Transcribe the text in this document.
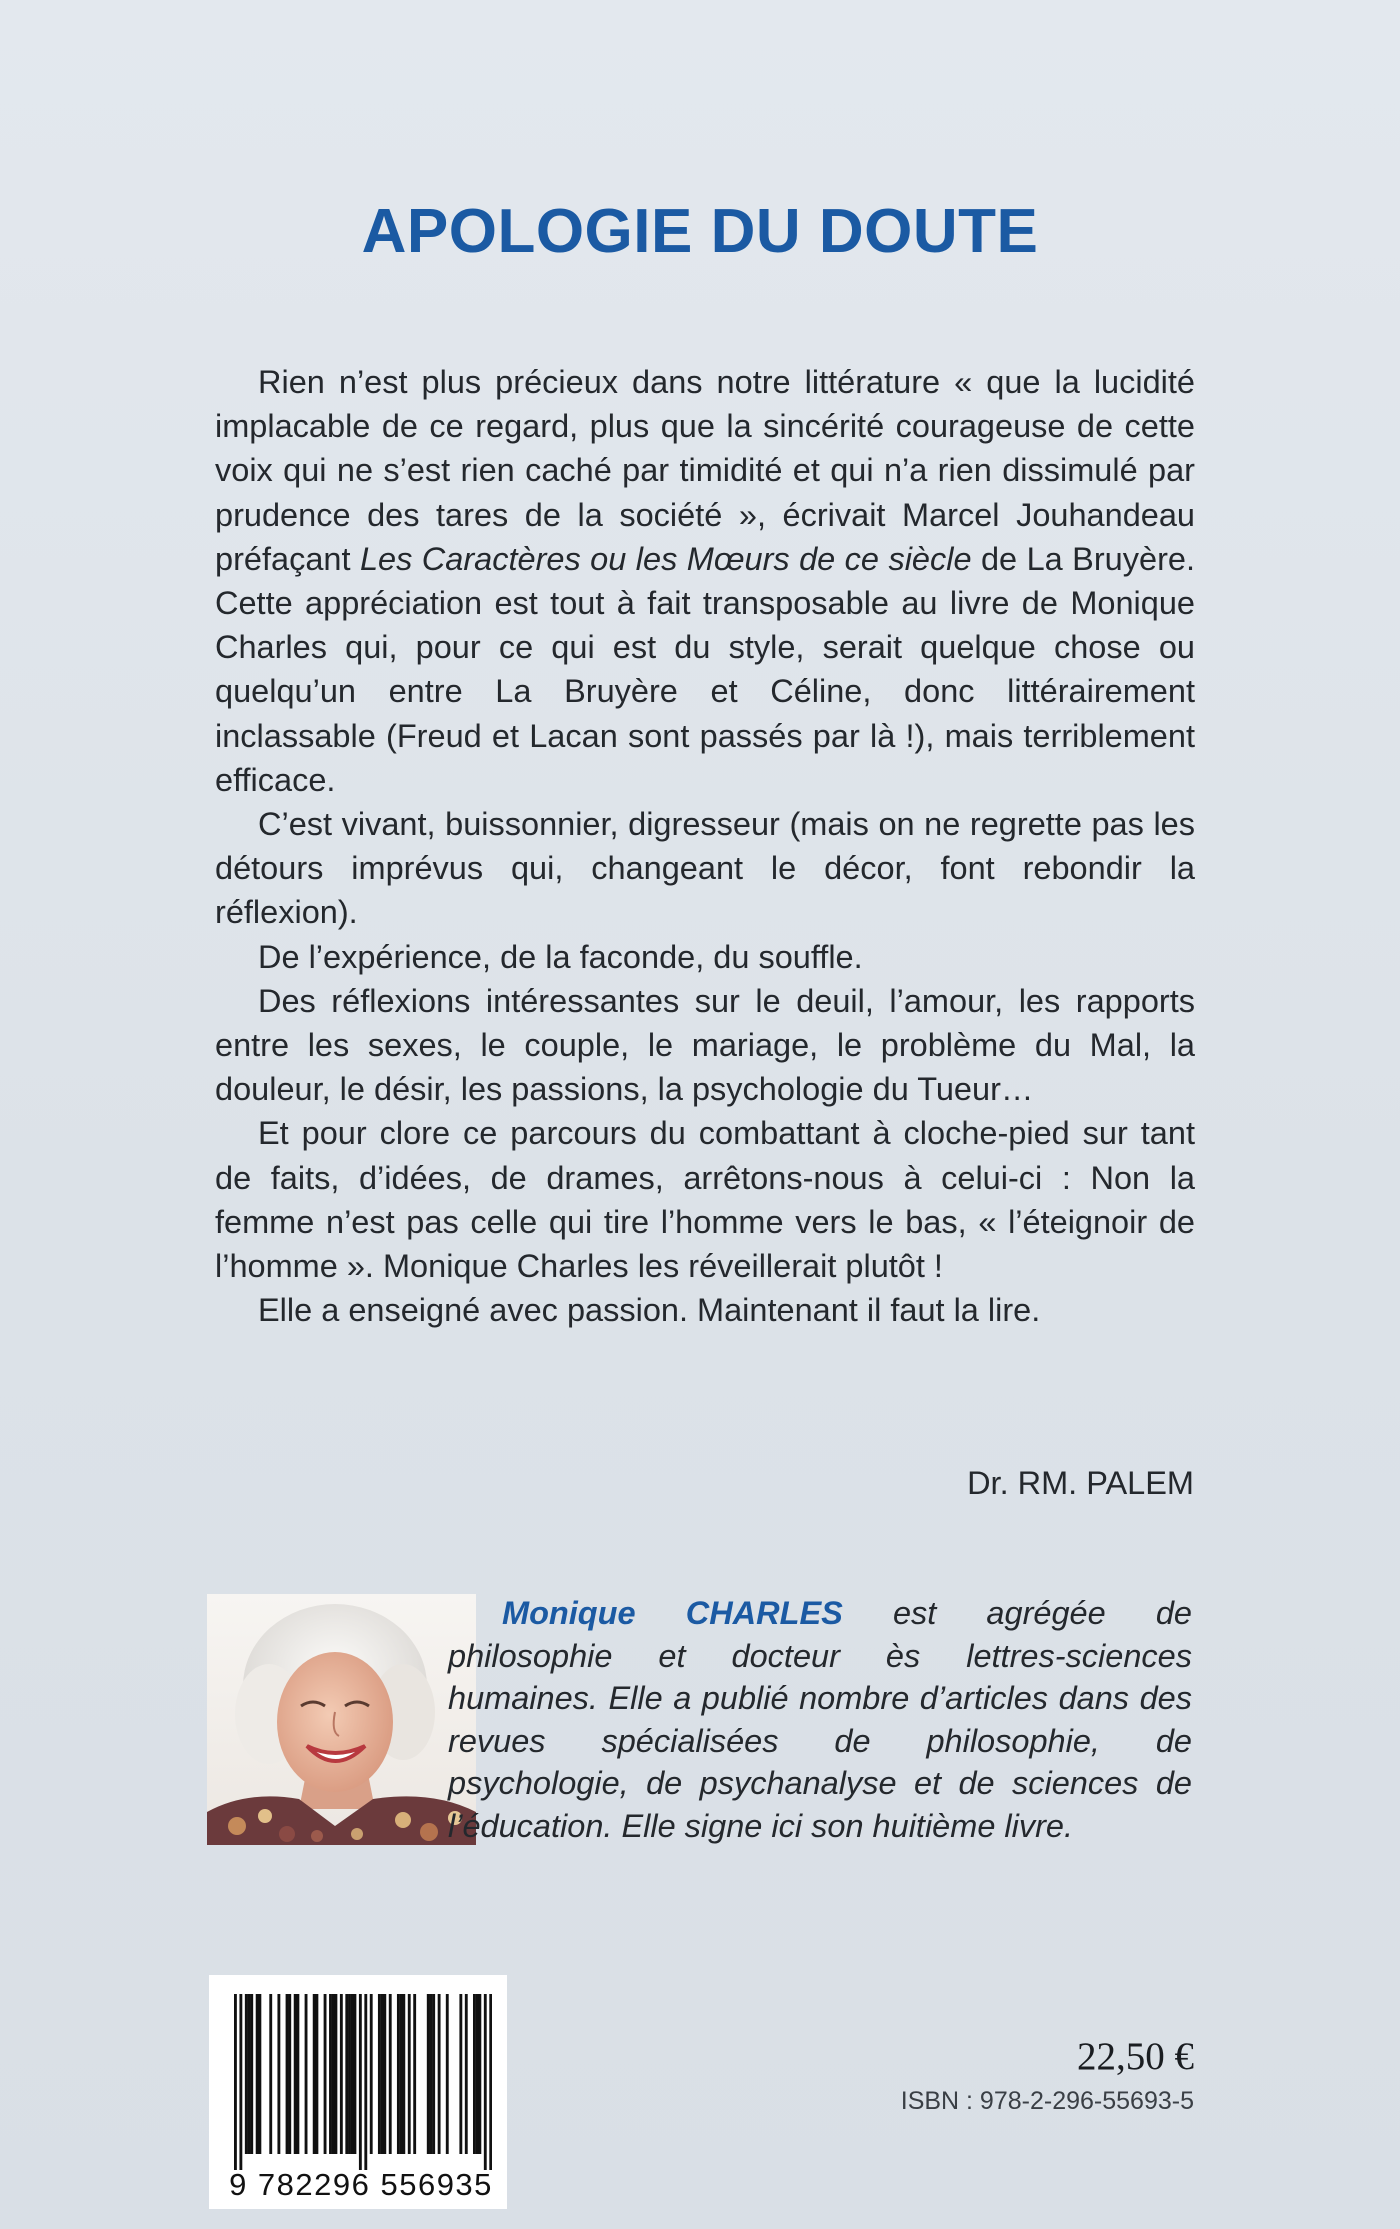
APOLOGIE DU DOUTE

Rien n’est plus précieux dans notre littérature « que la lucidité implacable de ce regard, plus que la sincérité courageuse de cette voix qui ne s’est rien caché par timidité et qui n’a rien dissimulé par prudence des tares de la société », écrivait Marcel Jouhandeau préfaçant Les Caractères ou les Mœurs de ce siècle de La Bruyère. Cette appréciation est tout à fait transposable au livre de Monique Charles qui, pour ce qui est du style, serait quelque chose ou quelqu’un entre La Bruyère et Céline, donc littérairement inclassable (Freud et Lacan sont passés par là !), mais terriblement efficace.

C’est vivant, buissonnier, digresseur (mais on ne regrette pas les détours imprévus qui, changeant le décor, font rebondir la réflexion).

De l’expérience, de la faconde, du souffle.

Des réflexions intéressantes sur le deuil, l’amour, les rapports entre les sexes, le couple, le mariage, le problème du Mal, la douleur, le désir, les passions, la psychologie du Tueur…

Et pour clore ce parcours du combattant à cloche-pied sur tant de faits, d’idées, de drames, arrêtons-nous à celui-ci : Non la femme n’est pas celle qui tire l’homme vers le bas, « l’éteignoir de l’homme ». Monique Charles les réveillerait plutôt !

Elle a enseigné avec passion. Maintenant il faut la lire.

Dr. RM. PALEM

Monique CHARLES est agrégée de philosophie et docteur ès lettres-sciences humaines. Elle a publié nombre d’articles dans des revues spécialisées de philosophie, de psychologie, de psychanalyse et de sciences de l’éducation. Elle signe ici son huitième livre.

9 782296 556935
22,50 €
ISBN : 978-2-296-55693-5
